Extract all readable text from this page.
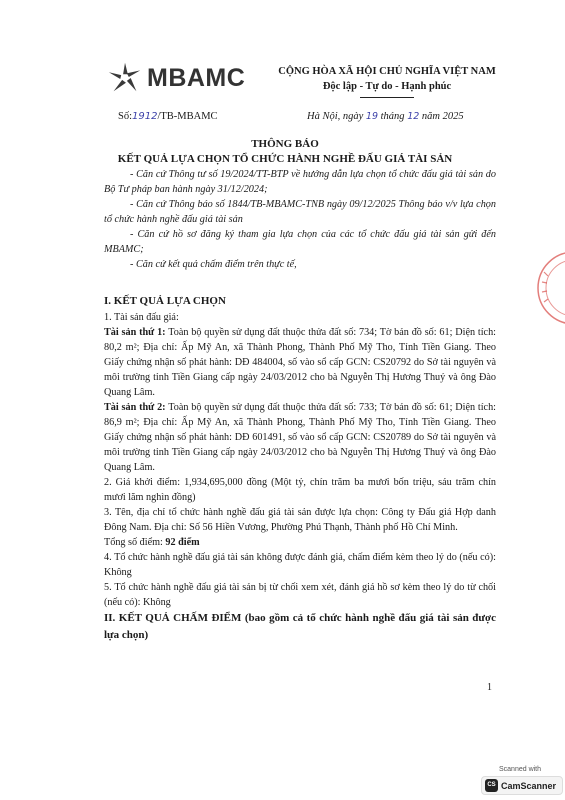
MBAMC	CỘNG HÒA XÃ HỘI CHỦ NGHĨA VIỆT NAM
Độc lập - Tự do - Hạnh phúc
Số:1912/TB-MBAMC	Hà Nội, ngày 19 tháng 12 năm 2025
THÔNG BÁO
KẾT QUẢ LỰA CHỌN TỔ CHỨC HÀNH NGHỀ ĐẤU GIÁ TÀI SẢN

- Căn cứ Thông tư số 19/2024/TT-BTP về hướng dẫn lựa chọn tổ chức đấu giá tài sản do Bộ Tư pháp ban hành ngày 31/12/2024;

- Căn cứ Thông báo số 1844/TB-MBAMC-TNB ngày 09/12/2025 Thông báo v/v lựa chọn tổ chức hành nghề đấu giá tài sản

- Căn cứ hồ sơ đăng ký tham gia lựa chọn của các tổ chức đấu giá tài sản gửi đến MBAMC;

- Căn cứ kết quả chấm điểm trên thực tế,

I. KẾT QUẢ LỰA CHỌN

1. Tài sản đấu giá:

Tài sản thứ 1: Toàn bộ quyền sử dụng đất thuộc thửa đất số: 734; Tờ bản đồ số: 61; Diện tích: 80,2 m²; Địa chỉ: Ấp Mỹ An, xã Thành Phong, Thành Phố Mỹ Tho, Tỉnh Tiền Giang. Theo Giấy chứng nhận số phát hành: DĐ 484004, số vào sổ cấp GCN: CS20792 do Sở tài nguyên và môi trường tỉnh Tiền Giang cấp ngày 24/03/2012 cho bà Nguyễn Thị Hương Thuý và ông Đào Quang Lâm.

Tài sản thứ 2: Toàn bộ quyền sử dụng đất thuộc thửa đất số: 733; Tờ bản đồ số: 61; Diện tích: 86,9 m²; Địa chỉ: Ấp Mỹ An, xã Thành Phong, Thành Phố Mỹ Tho, Tỉnh Tiền Giang. Theo Giấy chứng nhận số phát hành: DĐ 601491, số vào sổ cấp GCN: CS20789 do Sở tài nguyên và môi trường tỉnh Tiền Giang cấp ngày 24/03/2012 cho bà Nguyễn Thị Hương Thuý và ông Đào Quang Lâm.

2. Giá khởi điểm: 1,934,695,000 đồng (Một tỷ, chín trăm ba mươi bốn triệu, sáu trăm chín mươi lăm nghìn đồng)

3. Tên, địa chỉ tổ chức hành nghề đấu giá tài sản được lựa chọn: Công ty Đấu giá Hợp danh Đông Nam. Địa chỉ: Số 56 Hiền Vương, Phường Phú Thạnh, Thành phố Hồ Chí Minh.

Tổng số điểm: 92 điểm

4. Tổ chức hành nghề đấu giá tài sản không được đánh giá, chấm điểm kèm theo lý do (nếu có): Không

5. Tổ chức hành nghề đấu giá tài sản bị từ chối xem xét, đánh giá hồ sơ kèm theo lý do từ chối (nếu có): Không

II. KẾT QUẢ CHẤM ĐIỂM (bao gồm cả tổ chức hành nghề đấu giá tài sản được lựa chọn)

1
Scanned with
CS CamScanner
